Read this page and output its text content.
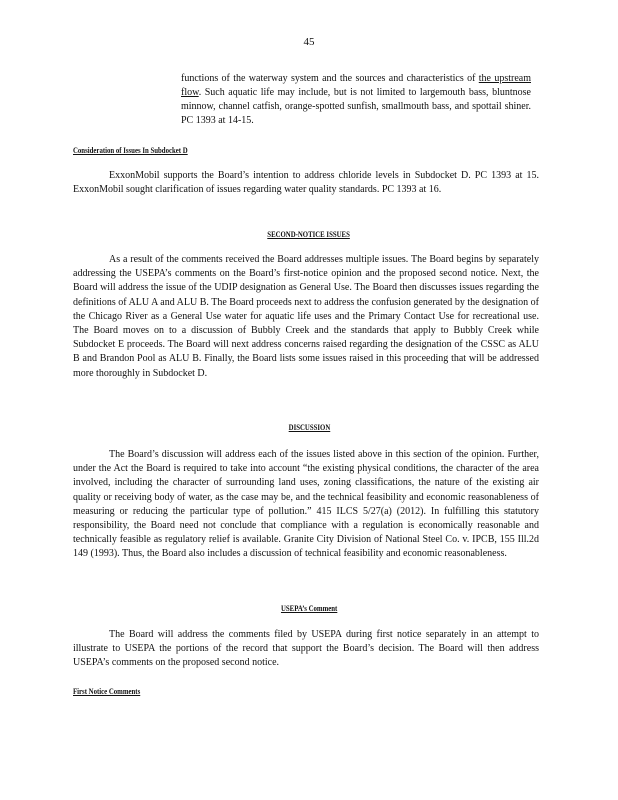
45
functions of the waterway system and the sources and characteristics of the upstream flow. Such aquatic life may include, but is not limited to largemouth bass, bluntnose minnow, channel catfish, orange-spotted sunfish, smallmouth bass, and spottail shiner. PC 1393 at 14-15.
Consideration of Issues In Subdocket D
ExxonMobil supports the Board’s intention to address chloride levels in Subdocket D. PC 1393 at 15. ExxonMobil sought clarification of issues regarding water quality standards. PC 1393 at 16.
SECOND-NOTICE ISSUES
As a result of the comments received the Board addresses multiple issues. The Board begins by separately addressing the USEPA’s comments on the Board’s first-notice opinion and the proposed second notice. Next, the Board will address the issue of the UDIP designation as General Use. The Board then discusses issues regarding the definitions of ALU A and ALU B. The Board proceeds next to address the confusion generated by the designation of the Chicago River as a General Use water for aquatic life uses and the Primary Contact Use for recreational use. The Board moves on to a discussion of Bubbly Creek and the standards that apply to Bubbly Creek while Subdocket E proceeds. The Board will next address concerns raised regarding the designation of the CSSC as ALU B and Brandon Pool as ALU B. Finally, the Board lists some issues raised in this proceeding that will be addressed more thoroughly in Subdocket D.
DISCUSSION
The Board’s discussion will address each of the issues listed above in this section of the opinion. Further, under the Act the Board is required to take into account “the existing physical conditions, the character of the area involved, including the character of surrounding land uses, zoning classifications, the nature of the existing air quality or receiving body of water, as the case may be, and the technical feasibility and economic reasonableness of measuring or reducing the particular type of pollution.” 415 ILCS 5/27(a) (2012). In fulfilling this statutory responsibility, the Board need not conclude that compliance with a regulation is economically reasonable and technically feasible as regulatory relief is available. Granite City Division of National Steel Co. v. IPCB, 155 Ill.2d 149 (1993). Thus, the Board also includes a discussion of technical feasibility and economic reasonableness.
USEPA’s Comment
The Board will address the comments filed by USEPA during first notice separately in an attempt to illustrate to USEPA the portions of the record that support the Board’s decision. The Board will then address USEPA’s comments on the proposed second notice.
First Notice Comments
